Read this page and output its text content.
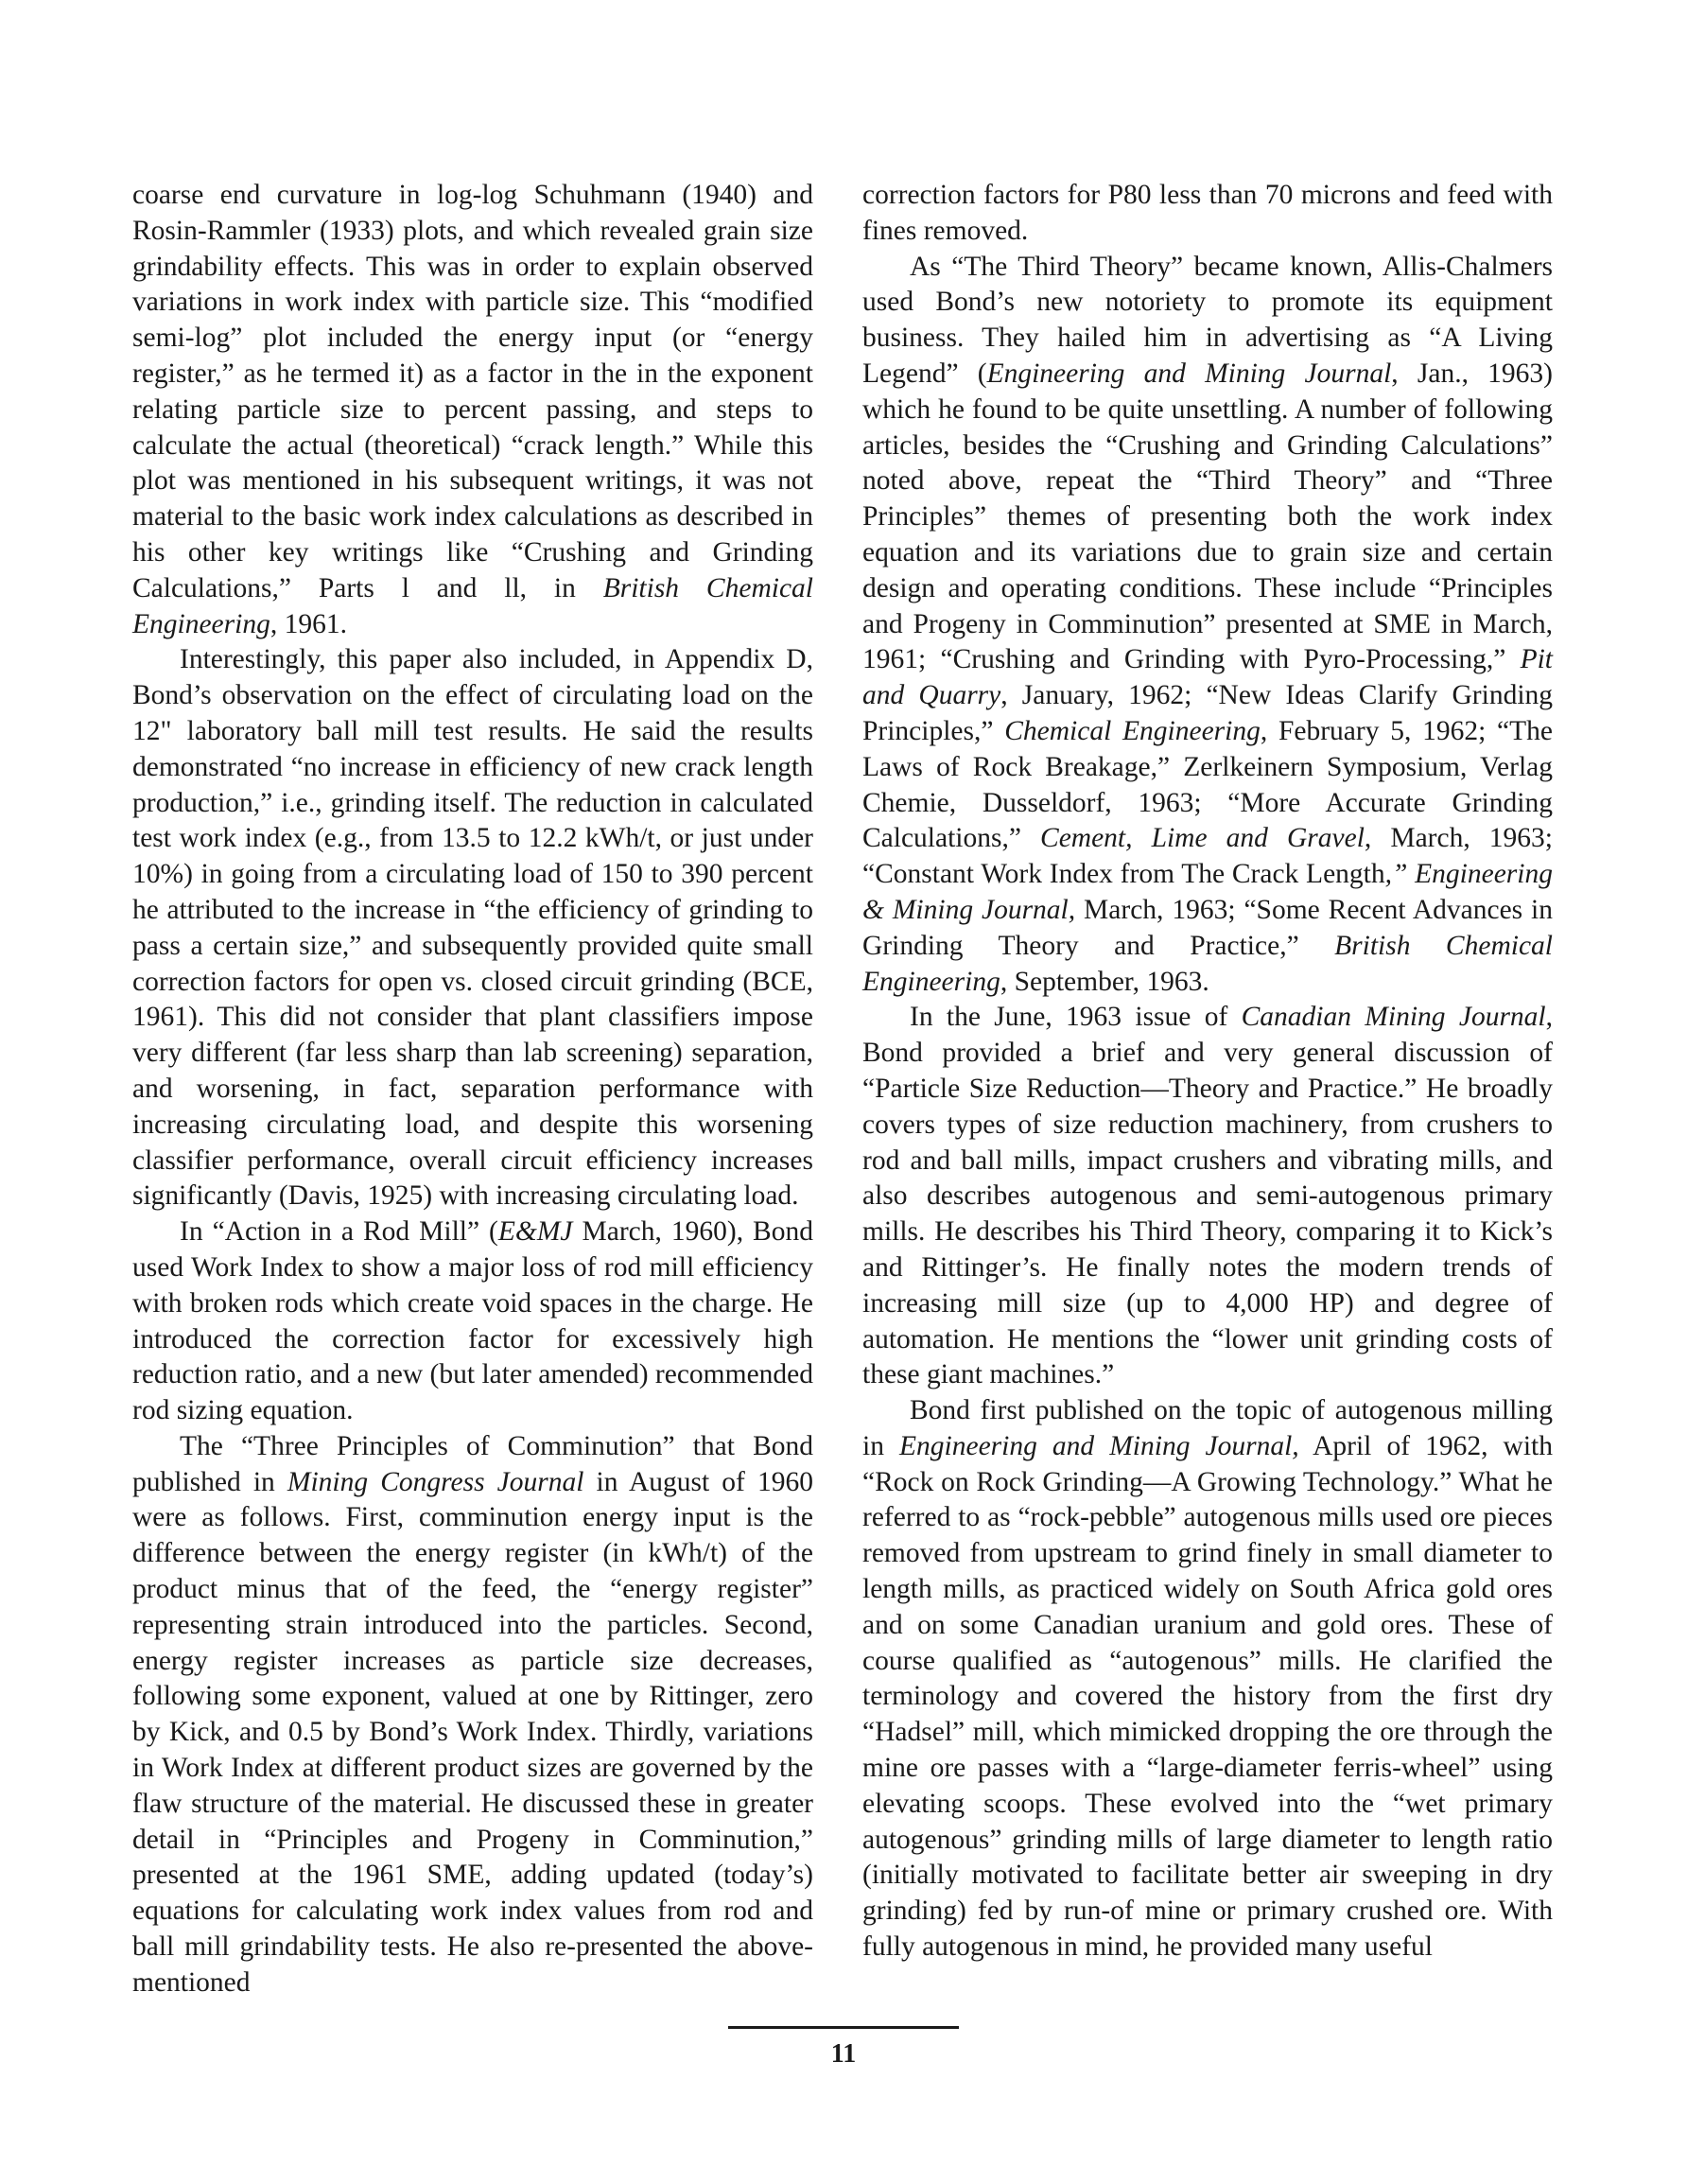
coarse end curvature in log-log Schuhmann (1940) and Rosin-Rammler (1933) plots, and which revealed grain size grindability effects. This was in order to explain observed variations in work index with particle size. This “modified semi-log” plot included the energy input (or “energy register,” as he termed it) as a factor in the in the exponent relating particle size to percent passing, and steps to calculate the actual (theoretical) “crack length.” While this plot was mentioned in his subsequent writings, it was not material to the basic work index calculations as described in his other key writings like “Crushing and Grinding Calculations,” Parts l and ll, in British Chemical Engineering, 1961.

Interestingly, this paper also included, in Appendix D, Bond’s observation on the effect of circulating load on the 12" laboratory ball mill test results. He said the results demonstrated “no increase in efficiency of new crack length production,” i.e., grinding itself. The reduction in calculated test work index (e.g., from 13.5 to 12.2 kWh/t, or just under 10%) in going from a circulating load of 150 to 390 percent he attributed to the increase in “the efficiency of grinding to pass a certain size,” and subsequently provided quite small correction factors for open vs. closed circuit grinding (BCE, 1961). This did not consider that plant classifiers impose very different (far less sharp than lab screening) separation, and worsening, in fact, separation performance with increasing circulating load, and despite this worsening classifier performance, overall circuit efficiency increases significantly (Davis, 1925) with increasing circulating load.

In “Action in a Rod Mill” (E&MJ March, 1960), Bond used Work Index to show a major loss of rod mill efficiency with broken rods which create void spaces in the charge. He introduced the correction factor for excessively high reduction ratio, and a new (but later amended) recommended rod sizing equation.

The “Three Principles of Comminution” that Bond published in Mining Congress Journal in August of 1960 were as follows. First, comminution energy input is the difference between the energy register (in kWh/t) of the product minus that of the feed, the “energy register” representing strain introduced into the particles. Second, energy register increases as particle size decreases, following some exponent, valued at one by Rittinger, zero by Kick, and 0.5 by Bond’s Work Index. Thirdly, variations in Work Index at different product sizes are governed by the flaw structure of the material. He discussed these in greater detail in “Principles and Progeny in Comminution,” presented at the 1961 SME, adding updated (today’s) equations for calculating work index values from rod and ball mill grindability tests. He also re-presented the above-mentioned

correction factors for P80 less than 70 microns and feed with fines removed.

As “The Third Theory” became known, Allis-Chalmers used Bond’s new notoriety to promote its equipment business. They hailed him in advertising as “A Living Legend” (Engineering and Mining Journal, Jan., 1963) which he found to be quite unsettling. A number of following articles, besides the “Crushing and Grinding Calculations” noted above, repeat the “Third Theory” and “Three Principles” themes of presenting both the work index equation and its variations due to grain size and certain design and operating conditions. These include “Principles and Progeny in Comminution” presented at SME in March, 1961; “Crushing and Grinding with Pyro-Processing,” Pit and Quarry, January, 1962; “New Ideas Clarify Grinding Principles,” Chemical Engineering, February 5, 1962; “The Laws of Rock Breakage,” Zerlkeinern Symposium, Verlag Chemie, Dusseldorf, 1963; “More Accurate Grinding Calculations,” Cement, Lime and Gravel, March, 1963; “Constant Work Index from The Crack Length,” Engineering & Mining Journal, March, 1963; “Some Recent Advances in Grinding Theory and Practice,” British Chemical Engineering, September, 1963.

In the June, 1963 issue of Canadian Mining Journal, Bond provided a brief and very general discussion of “Particle Size Reduction—Theory and Practice.” He broadly covers types of size reduction machinery, from crushers to rod and ball mills, impact crushers and vibrating mills, and also describes autogenous and semi-autogenous primary mills. He describes his Third Theory, comparing it to Kick’s and Rittinger’s. He finally notes the modern trends of increasing mill size (up to 4,000 HP) and degree of automation. He mentions the “lower unit grinding costs of these giant machines.”

Bond first published on the topic of autogenous milling in Engineering and Mining Journal, April of 1962, with “Rock on Rock Grinding—A Growing Technology.” What he referred to as “rock-pebble” autogenous mills used ore pieces removed from upstream to grind finely in small diameter to length mills, as practiced widely on South Africa gold ores and on some Canadian uranium and gold ores. These of course qualified as “autogenous” mills. He clarified the terminology and covered the history from the first dry “Hadsel” mill, which mimicked dropping the ore through the mine ore passes with a “large-diameter ferris-wheel” using elevating scoops. These evolved into the “wet primary autogenous” grinding mills of large diameter to length ratio (initially motivated to facilitate better air sweeping in dry grinding) fed by run-of mine or primary crushed ore. With fully autogenous in mind, he provided many useful

11
